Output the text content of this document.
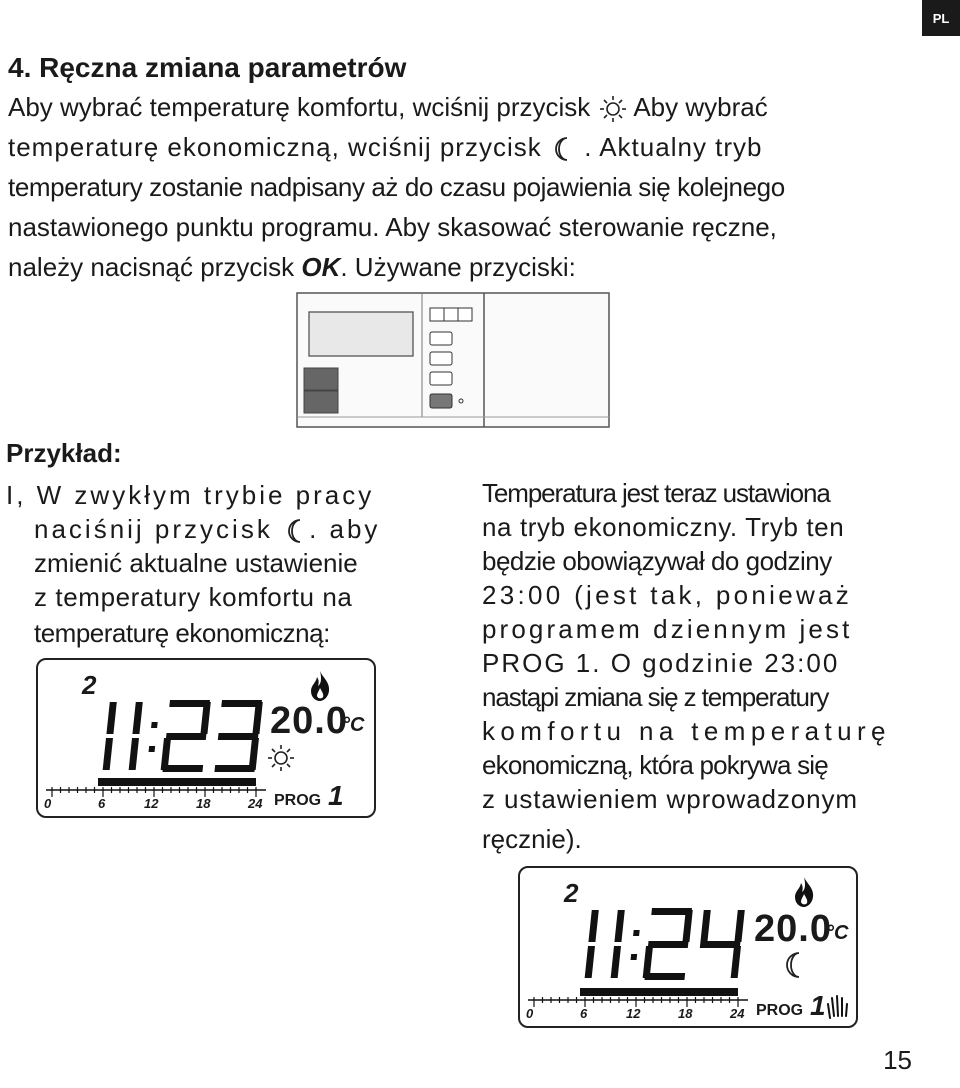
PL
4. Ręczna zmiana parametrów
Aby wybrać temperaturę komfortu, wciśnij przycisk Aby wybrać
temperaturę ekonomiczną, wciśnij przycisk . Aktualny tryb
temperatury zostanie nadpisany aż do czasu pojawienia się kolejnego
nastawionego punktu programu. Aby skasować sterowanie ręczne,
należy nacisnąć przycisk OK. Używane przyciski:
Przykład:
I, W zwykłym trybie pracy
naciśnij przycisk . aby
zmienić aktualne ustawienie
z temperatury komfortu na
temperaturę ekonomiczną:
Temperatura jest teraz ustawiona
na tryb ekonomiczny. Tryb ten
będzie obowiązywał do godziny
23:00 (jest tak, ponieważ
programem dziennym jest
PROG 1. O godzinie 23:00
nastąpi zmiana się z temperatury
komfortu na temperaturę
ekonomiczną, która pokrywa się
z ustawieniem wprowadzonym
ręcznie).
2
20.0
°C
0	6	12	18	24 PROG 1
2
20.0
°C
0	6	12	18	24 PROG 1
15
